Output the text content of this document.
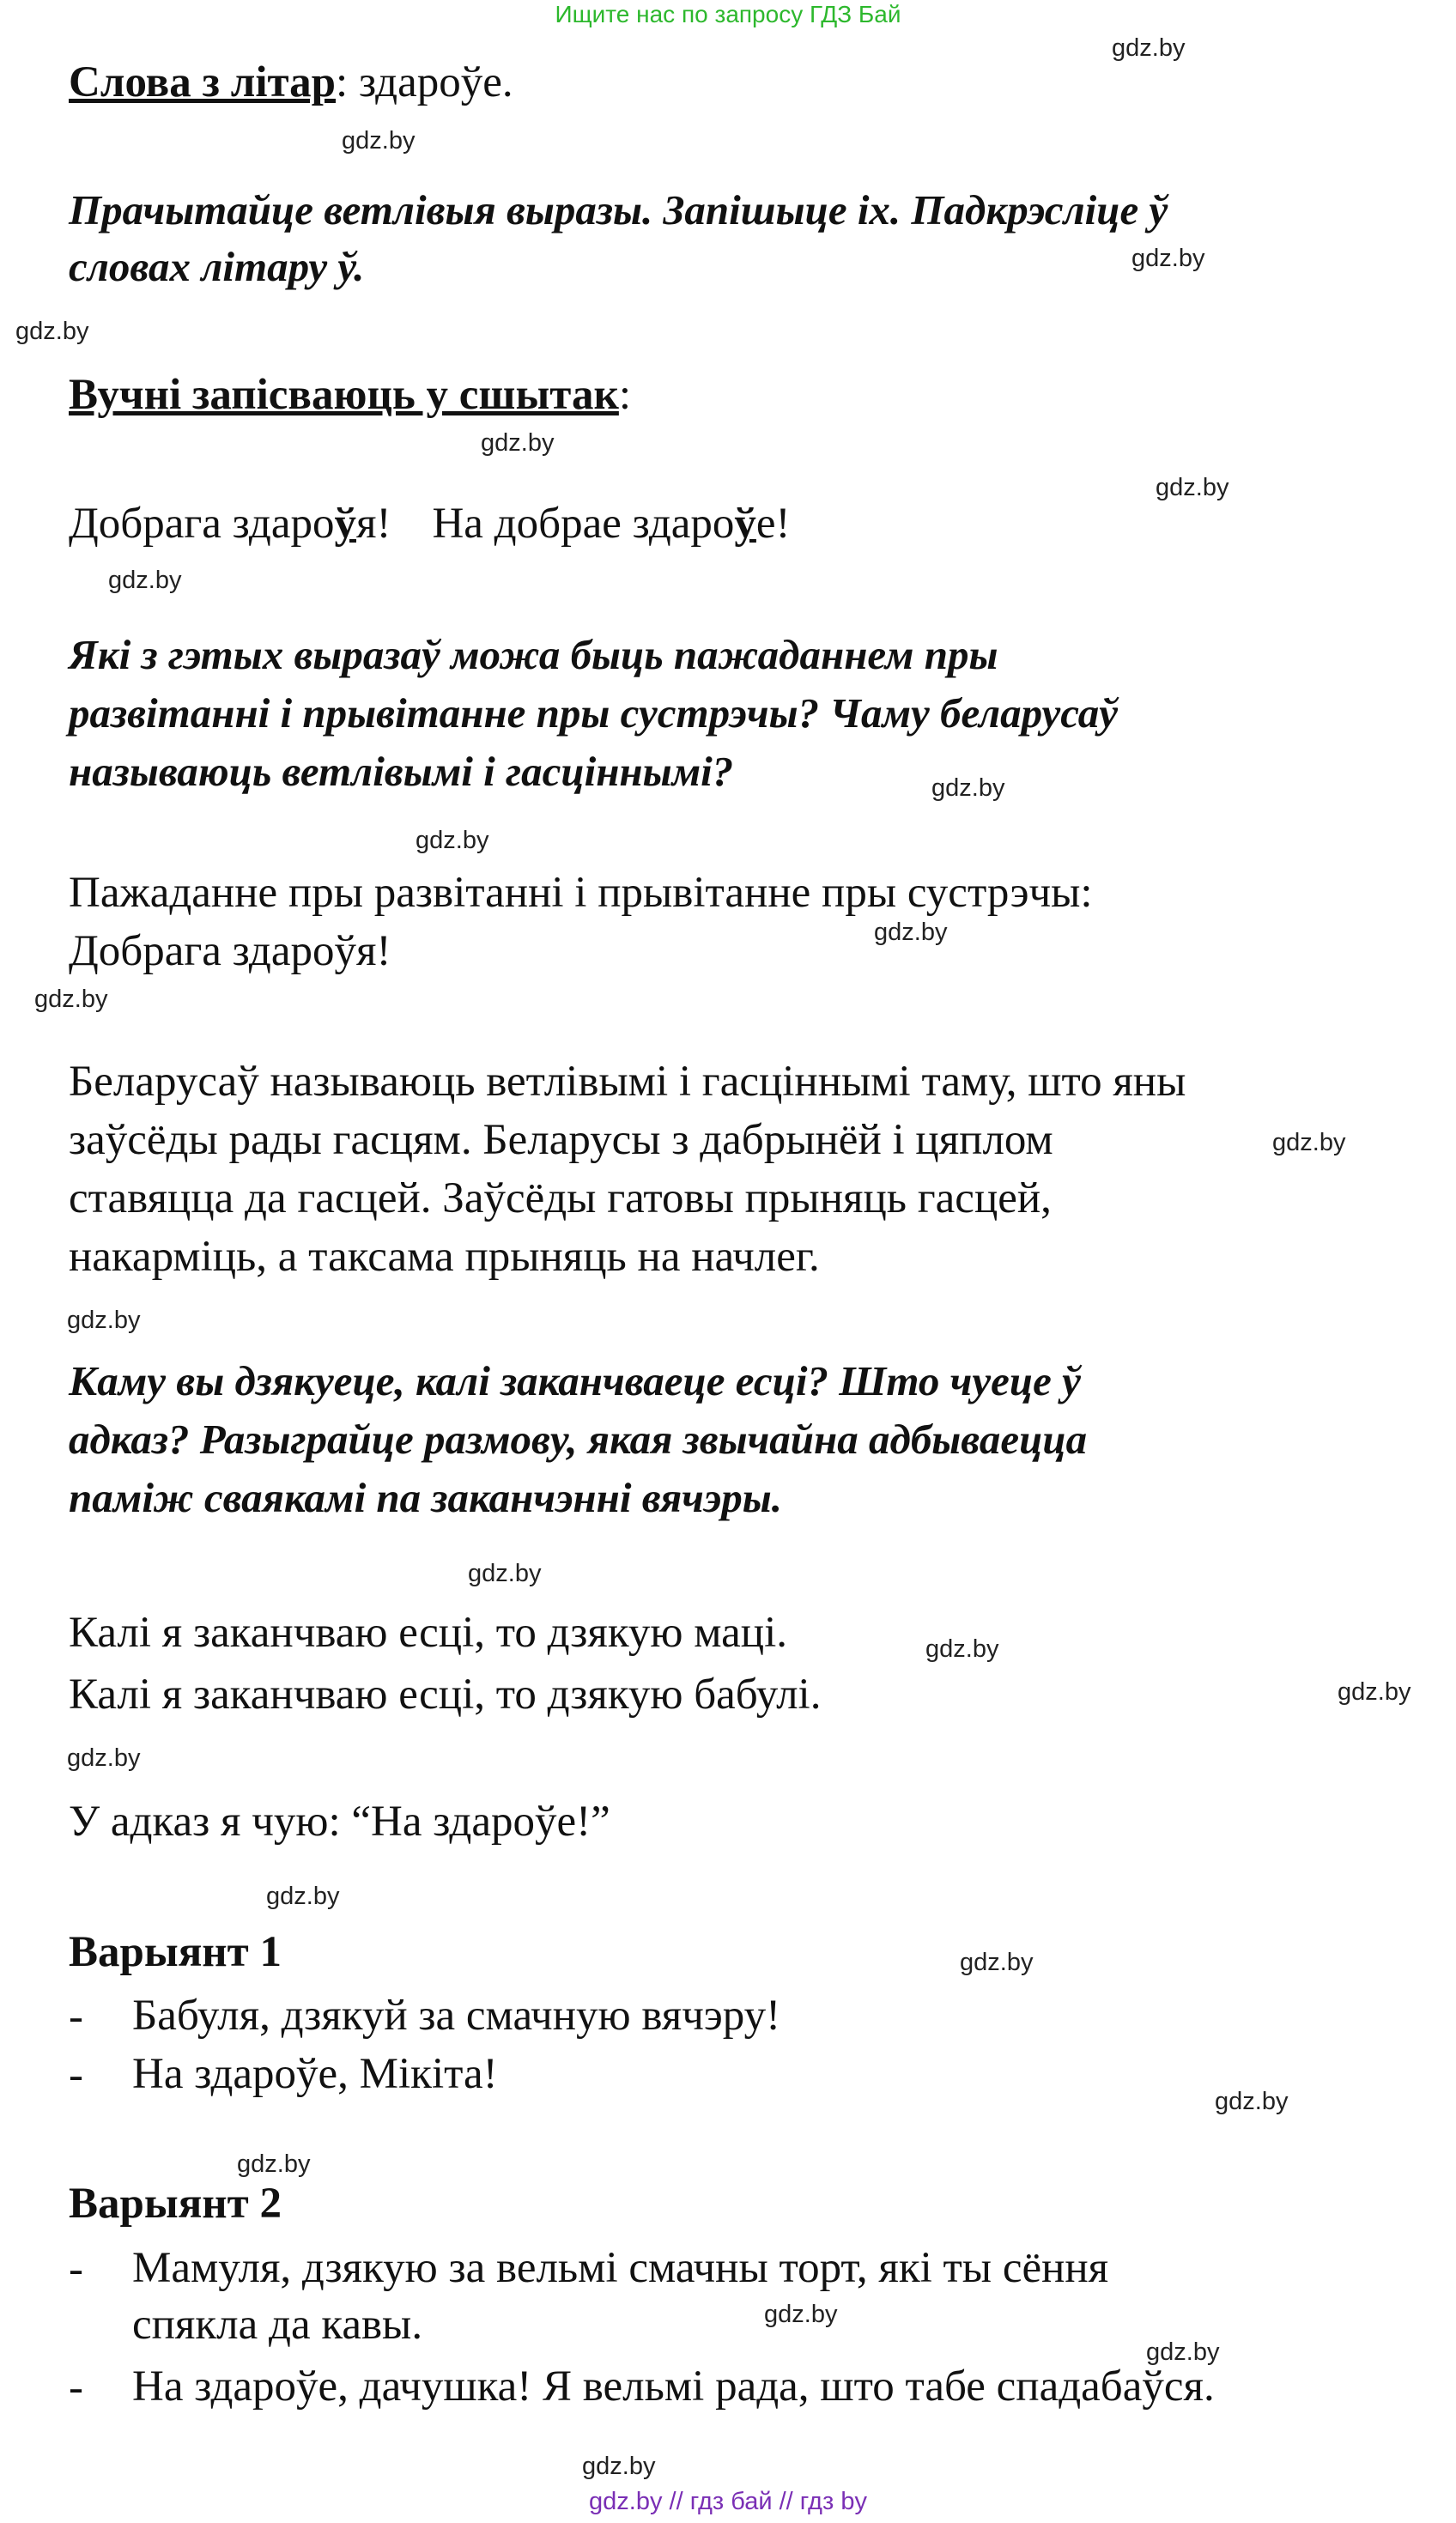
Ищите нас по запросу ГДЗ Бай
gdz.by
gdz.by
gdz.by
gdz.by
gdz.by
gdz.by
gdz.by
gdz.by
gdz.by
gdz.by
gdz.by
gdz.by
gdz.by
gdz.by
gdz.by
gdz.by
gdz.by
gdz.by
gdz.by
gdz.by
gdz.by
gdz.by
gdz.by
gdz.by
Слова з літар: здароўе.
Прачытайце ветлівыя выразы. Запішыце іх. Падкрэсліце ў
словах літару ў.
Вучні запісваюць у сшытак:
Добрага здароўя! На добрае здароўе!
Які з гэтых выразаў можа быць пажаданнем пры
развітанні і прывітанне пры сустрэчы? Чаму беларусаў
называюць ветлівымі і гасціннымі?
Пажаданне пры развітанні і прывітанне пры сустрэчы:
Добрага здароўя!
Беларусаў называюць ветлівымі і гасціннымі таму, што яны
заўсёды рады гасцям. Беларусы з дабрынёй і цяплом
ставяцца да гасцей. Заўсёды гатовы прыняць гасцей,
накарміць, а таксама прыняць на начлег.
Каму вы дзякуеце, калі заканчваеце есці? Што чуеце ў
адказ? Разыграйце размову, якая звычайна адбываецца
паміж сваякамі па заканчэнні вячэры.
Калі я заканчваю есці, то дзякую маці.
Калі я заканчваю есці, то дзякую бабулі.
У адказ я чую: “На здароўе!”
Варыянт 1
- Бабуля, дзякуй за смачную вячэру!
- На здароўе, Мікіта!
Варыянт 2
- Мамуля, дзякую за вельмі смачны торт, які ты сёння
спякла да кавы.
- На здароўе, дачушка! Я вельмі рада, што табе спадабаўся.
gdz.by // гдз бай // гдз by
